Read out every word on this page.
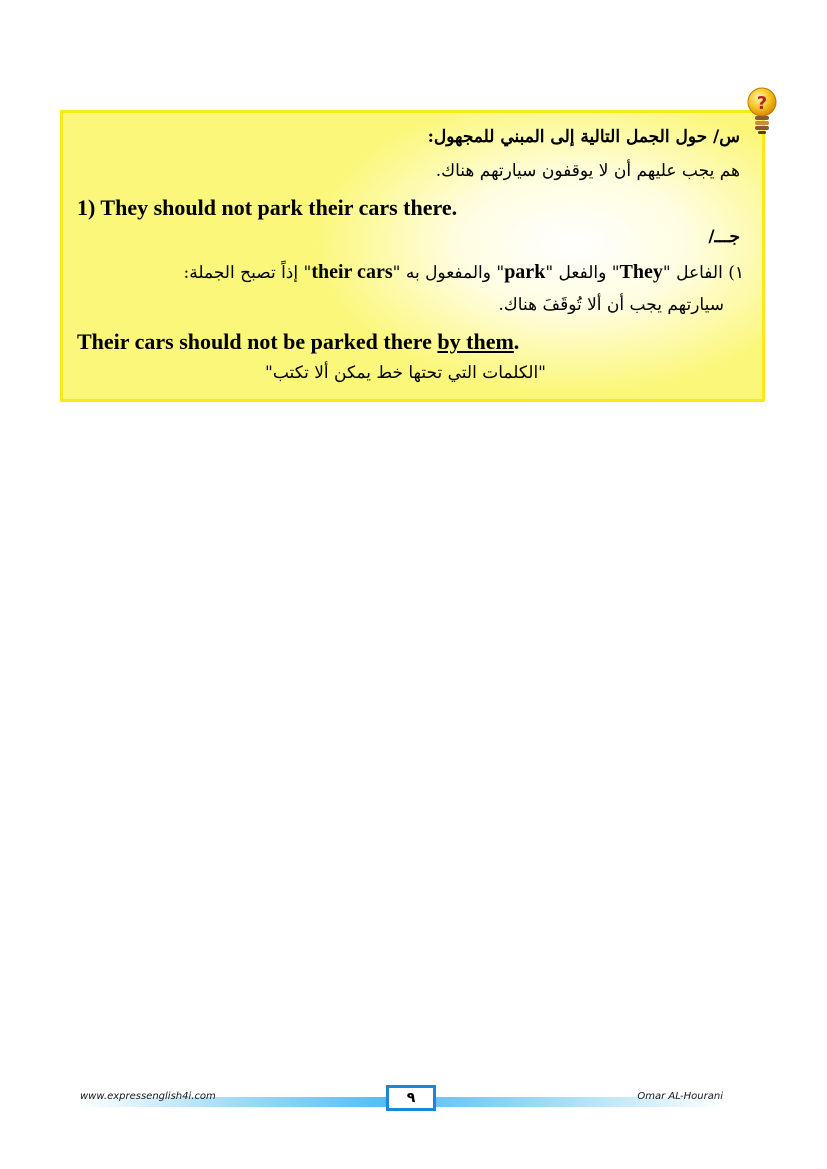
س/ حول الجمل التالية إلى المبني للمجهول:
هم يجب عليهم أن لا يوقفون سيارتهم هناك.
1) They should not park their cars there.
جـــ/
١) الفاعل "They" والفعل "park" والمفعول به "their cars" إذاً تصبح الجملة:
سيارتهم يجب أن ألا تُوقَفَ هناك.
Their cars should not be parked there by them.
"الكلمات التي تحتها خط يمكن ألا تكتب"
?
www.expressenglish4i.com	٩	Omar AL-Hourani
